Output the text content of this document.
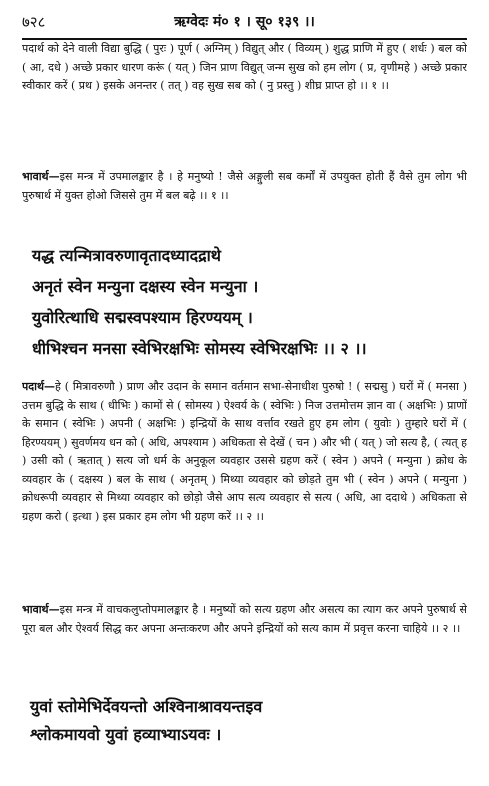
७२८	ऋग्वेदः मं० १ । सू० १३९ ।।

पदार्थ को देने वाली विद्या बुद्धि ( पुरः ) पूर्ण ( अग्निम् ) विद्युत् और ( विव्यम् ) शुद्ध प्राणि में हुए ( शर्धः ) बल को ( आ, दधे ) अच्छे प्रकार धारण करूं ( यत् ) जिन प्राण विद्युत् जन्म सुख को हम लोग ( प्र, वृणीमहे ) अच्छे प्रकार स्वीकार करें ( प्रथ ) इसके अनन्तर ( तत् ) वह सुख सब को ( नु प्रस्तु ) शीघ्र प्राप्त हो ।। १ ।।

भावार्थ—इस मन्त्र में उपमालङ्कार है । हे मनुष्यो ! जैसे अङ्गुली सब कर्मों में उपयुक्त होती हैं वैसे तुम लोग भी पुरुषार्थ में युक्त होओ जिससे तुम में बल बढ़े ।। १ ।।

यद्ध त्यन्मित्रावरुणावृतादध्यादद्राथे
अनृतं स्वेन मन्युना दक्षस्य स्वेन मन्युना ।
युवोरित्थाधि सद्मस्वपश्याम हिरण्ययम् ।
धीभिश्चन मनसा स्वेभिरक्षभिः सोमस्य स्वेभिरक्षभिः ।। २ ।।

पदार्थ—हे ( मित्रावरुणौ ) प्राण और उदान के समान वर्तमान सभा-सेनाधीश पुरुषो ! ( सद्मसु ) घरों में ( मनसा ) उत्तम बुद्धि के साथ ( धीभिः ) कामों से ( सोमस्य ) ऐश्वर्य के ( स्वेभिः ) निज उत्तमोत्तम ज्ञान वा ( अक्षभिः ) प्राणों के समान ( स्वेभिः ) अपनी ( अक्षभिः ) इन्द्रियों के साथ वर्त्ताव रखते हुए हम लोग ( युवोः ) तुम्हारे घरों में ( हिरण्ययम् ) सुवर्णमय धन को ( अधि, अपश्याम ) अधिकता से देखें ( चन ) और भी ( यत् ) जो सत्य है, ( त्यत् ह ) उसी को ( ऋतात् ) सत्य जो धर्म के अनुकूल व्यवहार उससे ग्रहण करें ( स्वेन ) अपने ( मन्युना ) क्रोध के व्यवहार के ( दक्षस्य ) बल के साथ ( अनृतम् ) मिथ्या व्यवहार को छोड़ते तुम भी ( स्वेन ) अपने ( मन्युना ) क्रोधरूपी व्यवहार से मिथ्या व्यवहार को छोड़ो जैसे आप सत्य व्यवहार से सत्य ( अधि, आ ददाथे ) अधिकता से ग्रहण करो ( इत्था ) इस प्रकार हम लोग भी ग्रहण करें ।। २ ।।

भावार्थ—इस मन्त्र में वाचकलुप्तोपमालङ्कार है । मनुष्यों को सत्य ग्रहण और असत्य का त्याग कर अपने पुरुषार्थ से पूरा बल और ऐश्वर्य सिद्ध कर अपना अन्तःकरण और अपने इन्द्रियों को सत्य काम में प्रवृत्त करना चाहिये ।। २ ।।

युवां स्तोमेभिर्देवयन्तो अश्विनाश्रावयन्तइव
श्लोकमायवो युवां हव्याभ्याऽयवः ।
